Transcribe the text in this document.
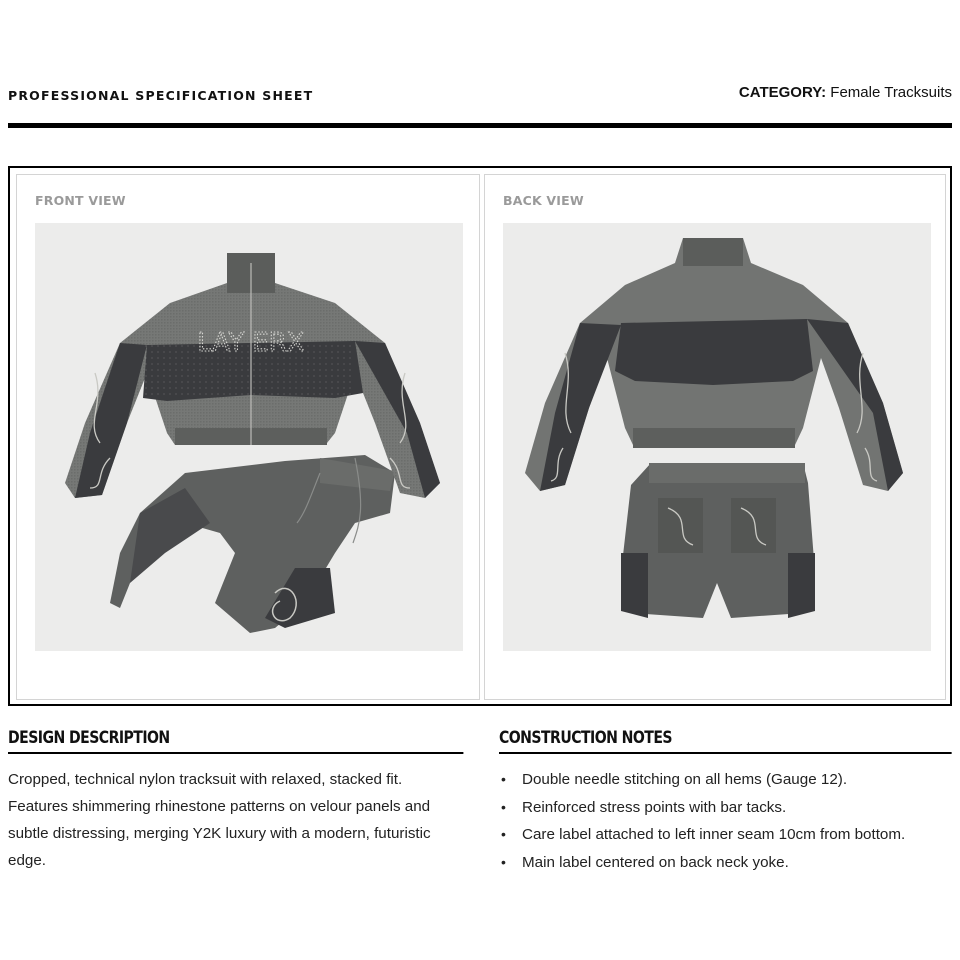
PROFESSIONAL SPECIFICATION SHEET	CATEGORY: Female Tracksuits
FRONT VIEW
LAY ERX
BACK VIEW
DESIGN DESCRIPTION
Cropped, technical nylon tracksuit with relaxed, stacked fit. Features shimmering rhinestone patterns on velour panels and subtle distressing, merging Y2K luxury with a modern, futuristic edge.
CONSTRUCTION NOTES
• Double needle stitching on all hems (Gauge 12).
• Reinforced stress points with bar tacks.
• Care label attached to left inner seam 10cm from bottom.
• Main label centered on back neck yoke.
